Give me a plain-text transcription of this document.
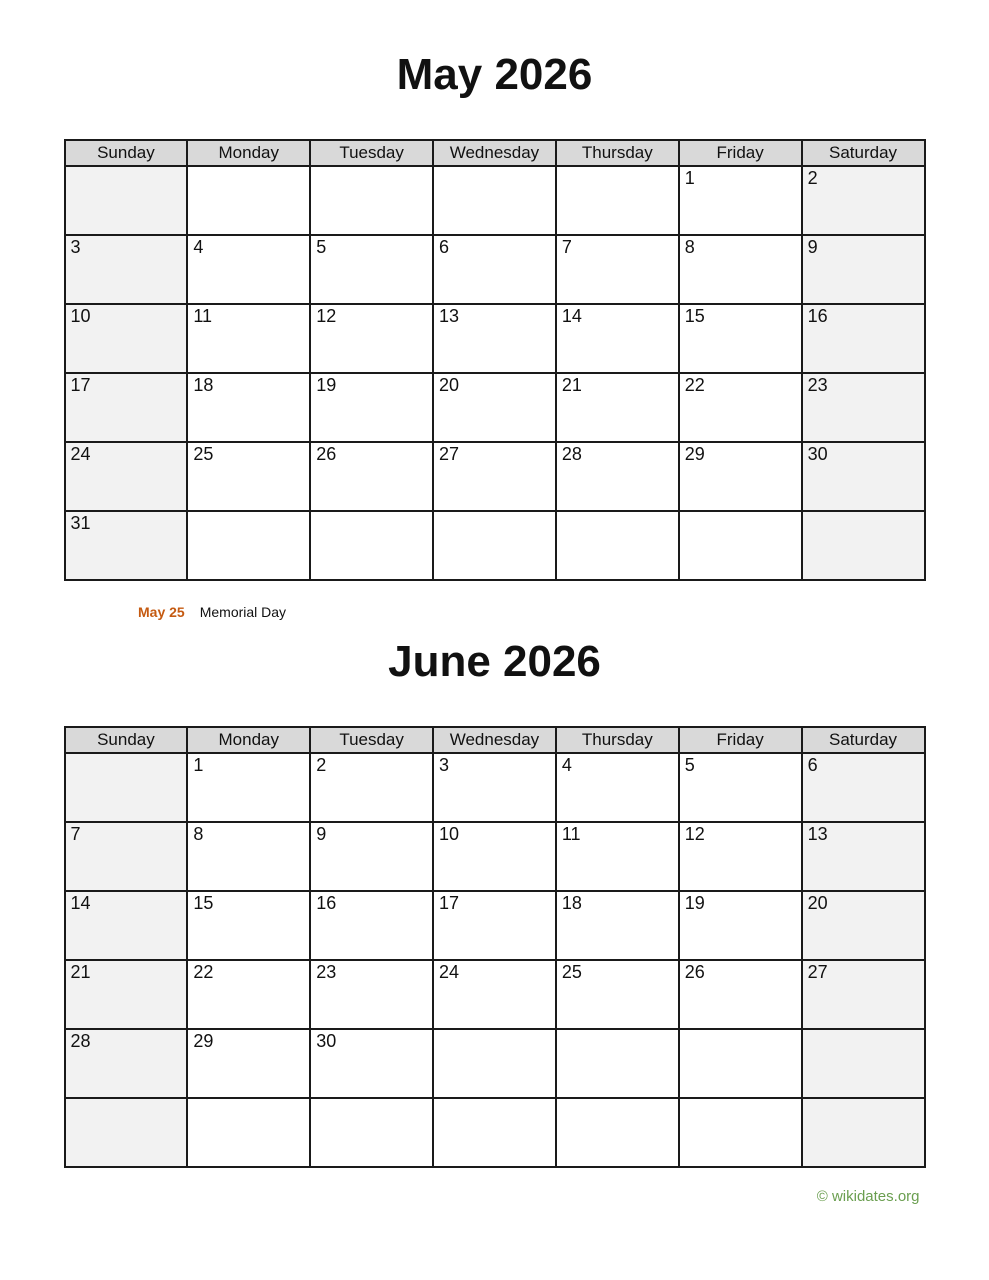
May 2026
Sunday	Monday	Tuesday	Wednesday	Thursday	Friday	Saturday
					1	2
3	4	5	6	7	8	9
10	11	12	13	14	15	16
17	18	19	20	21	22	23
24	25	26	27	28	29	30
31						
May 25 Memorial Day
June 2026
Sunday	Monday	Tuesday	Wednesday	Thursday	Friday	Saturday
	1	2	3	4	5	6
7	8	9	10	11	12	13
14	15	16	17	18	19	20
21	22	23	24	25	26	27
28	29	30				

© wikidates.org
